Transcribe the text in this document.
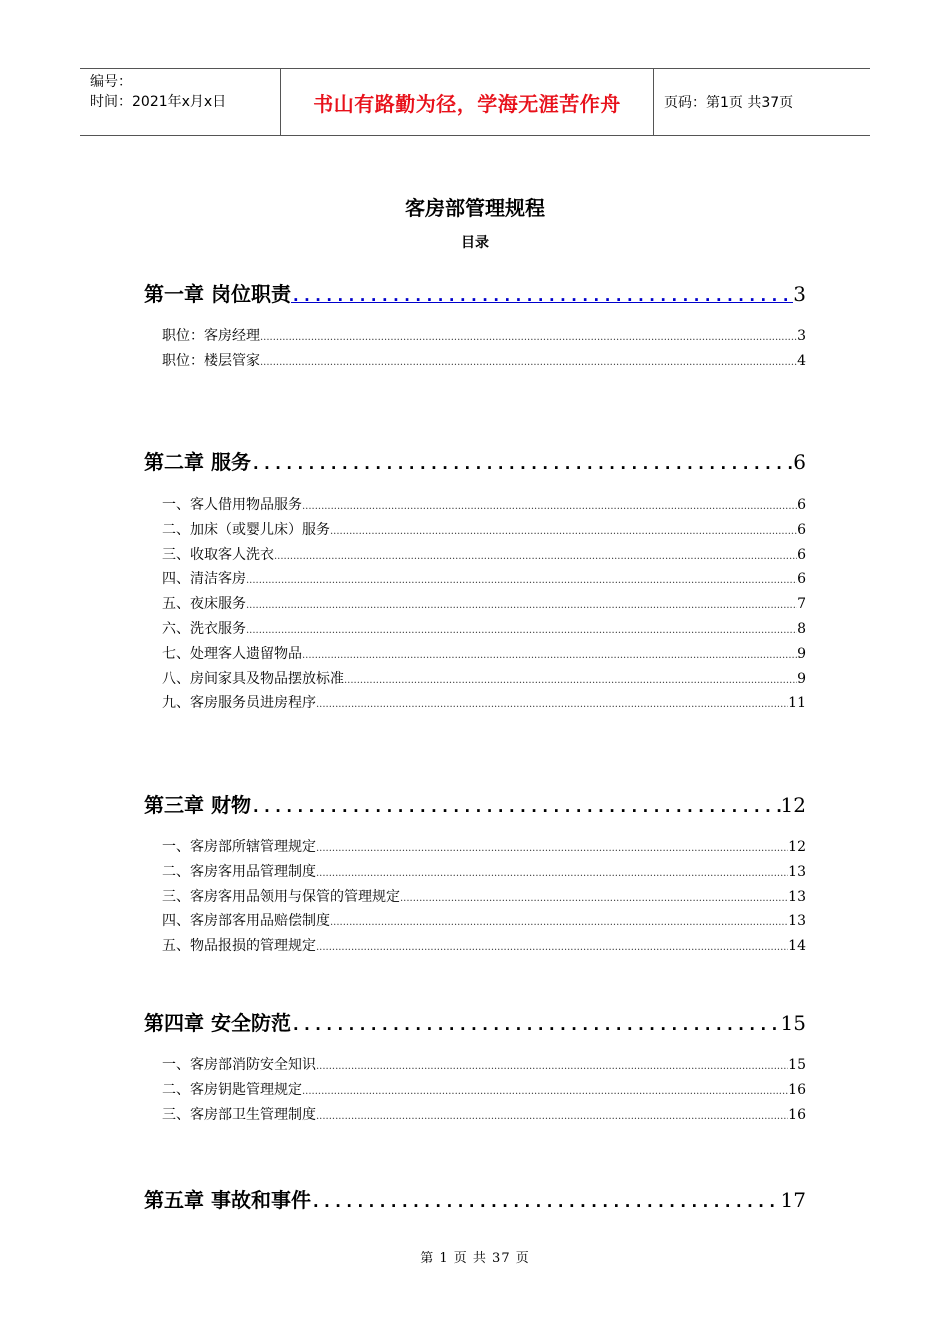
编号：
时间：2021年x月x日	书山有路勤为径，学海无涯苦作舟	页码：第1页 共37页
客房部管理规程
目录
第一章 岗位职责 .....	3
职位：客房经理 .....	3
职位：楼层管家 .....	4
第二章 服务 .....	6
一、客人借用物品服务 .....	6
二、加床（或婴儿床）服务 .....	6
三、收取客人洗衣 .....	6
四、清洁客房 .....	6
五、夜床服务 .....	7
六、洗衣服务 .....	8
七、处理客人遗留物品 .....	9
八、房间家具及物品摆放标准 .....	9
九、客房服务员进房程序 .....	11
第三章 财物 .....	12
一、客房部所辖管理规定 .....	12
二、客房客用品管理制度 .....	13
三、客房客用品领用与保管的管理规定 .....	13
四、客房部客用品赔偿制度 .....	13
五、物品报损的管理规定 .....	14
第四章 安全防范 .....	15
一、客房部消防安全知识 .....	15
二、客房钥匙管理规定 .....	16
三、客房部卫生管理制度 .....	16
第五章 事故和事件 .....	17
第 1 页 共 37 页
